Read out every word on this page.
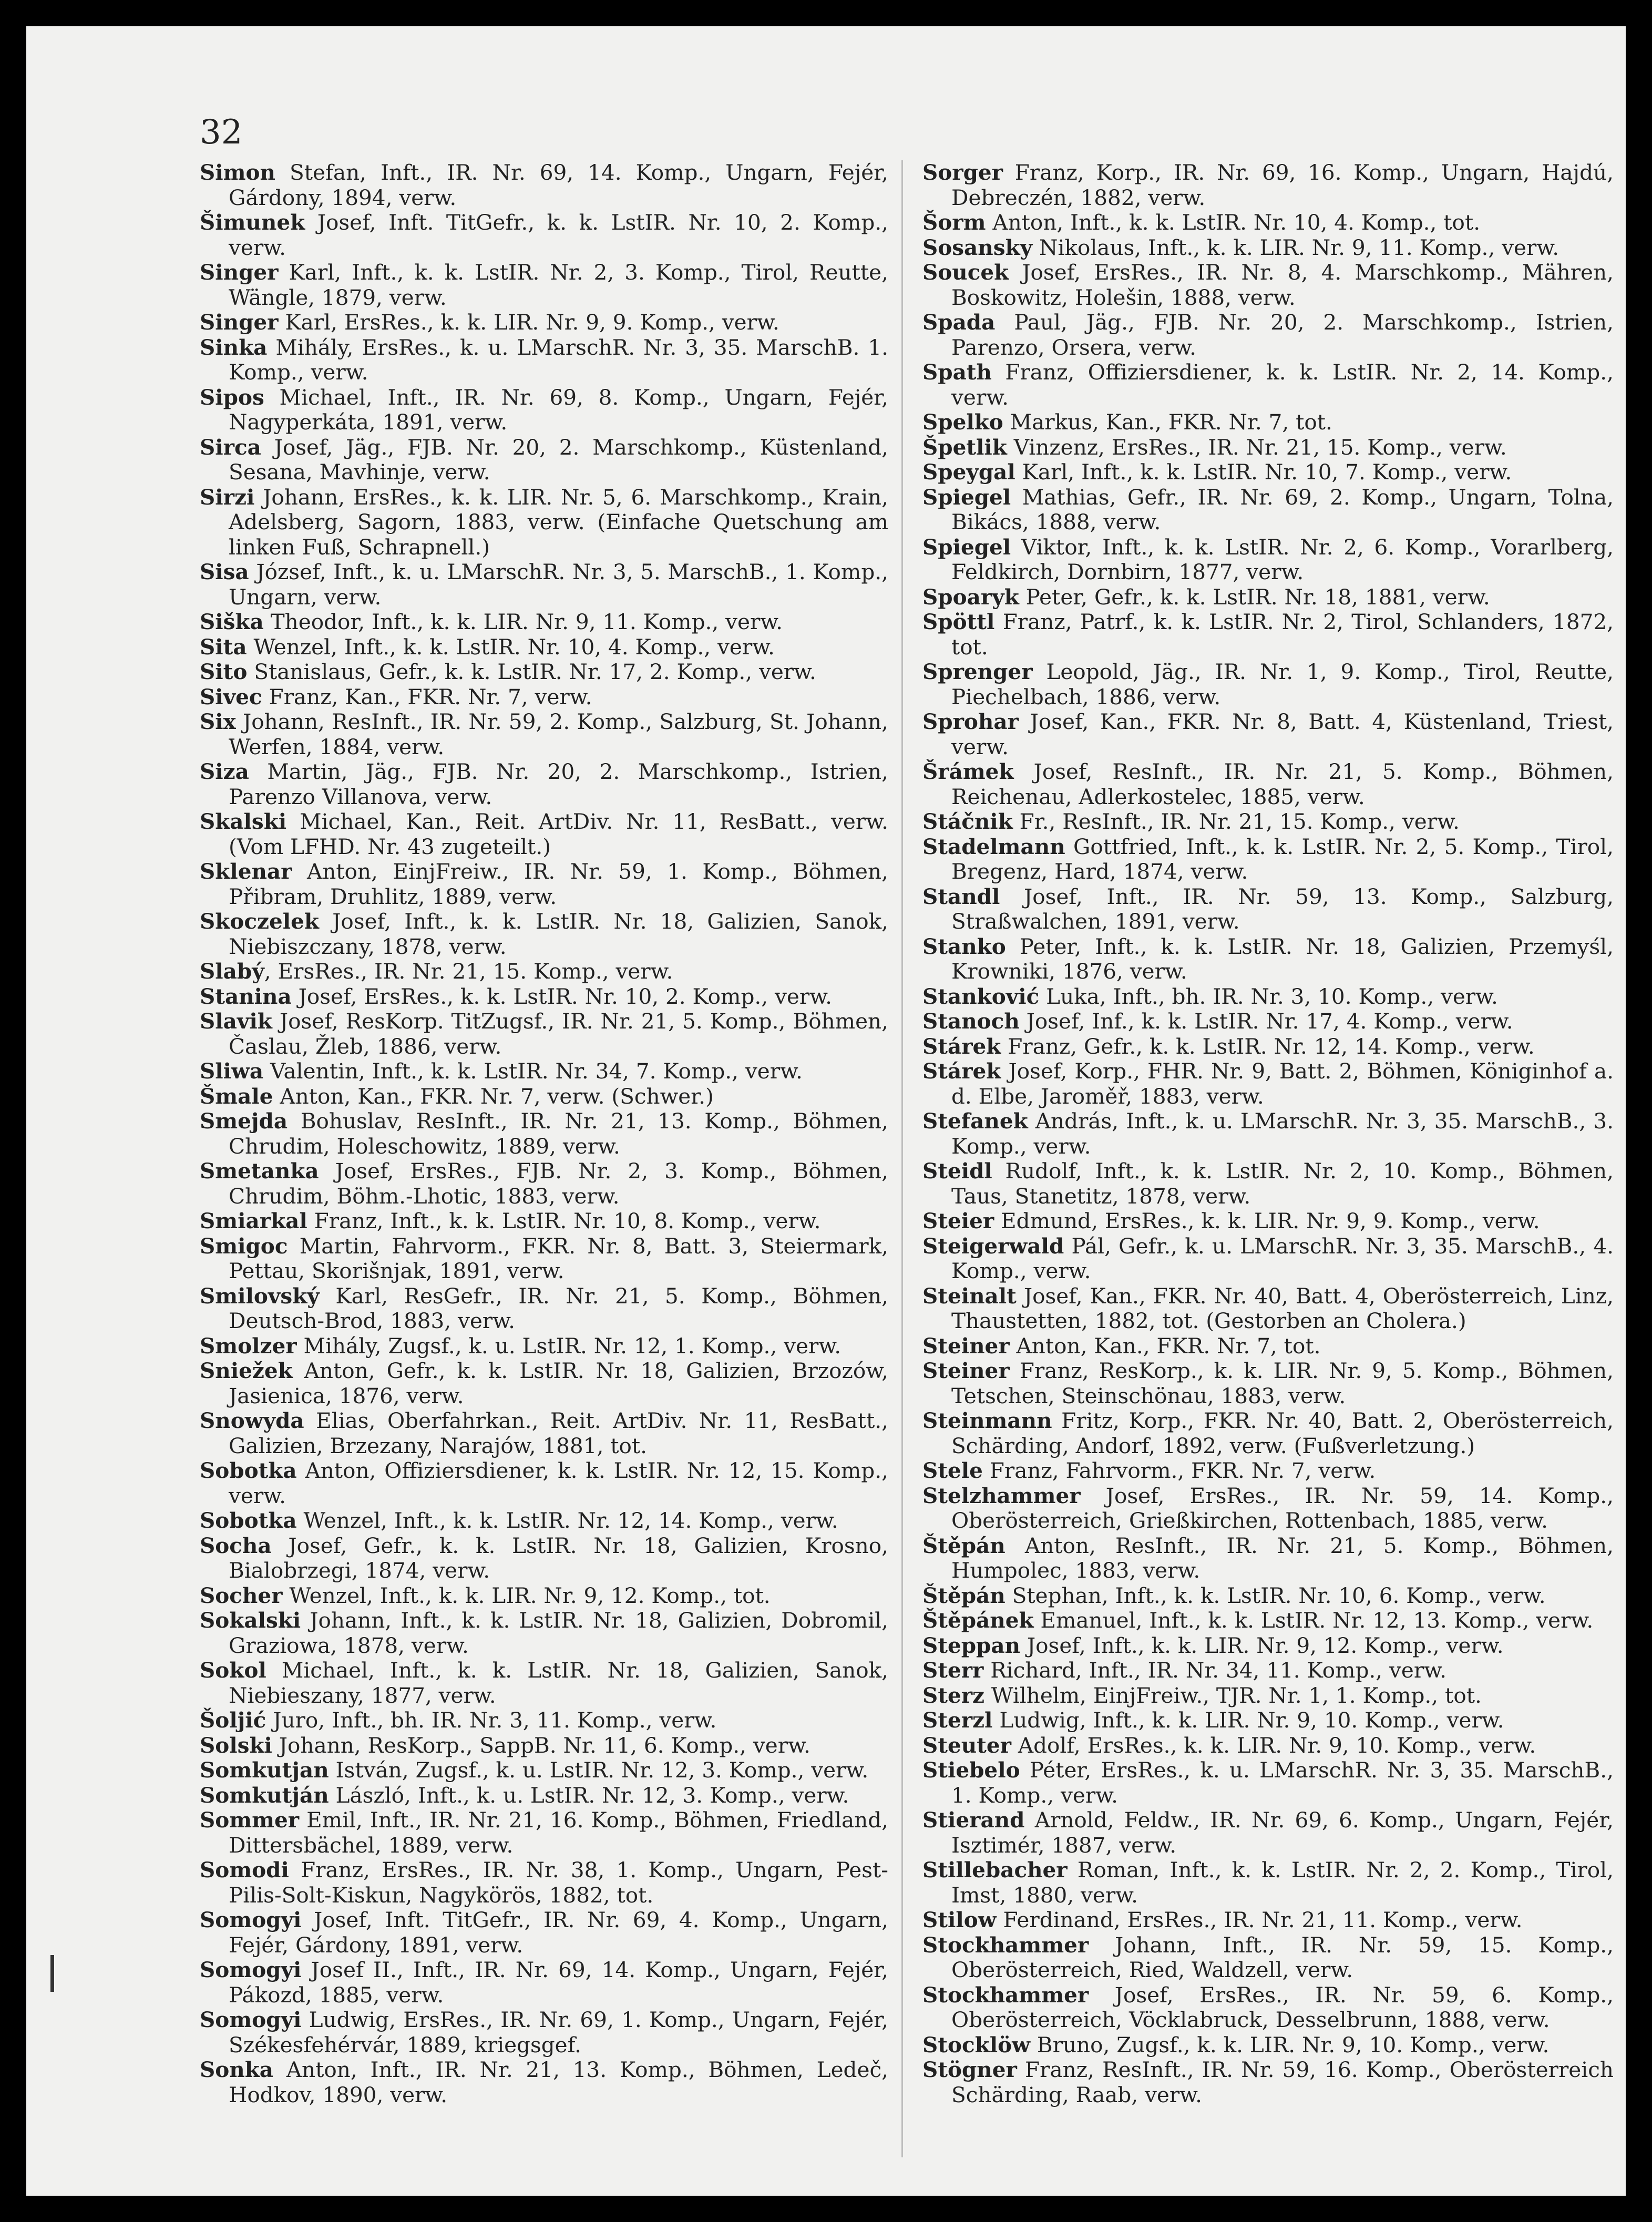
32
Simon Stefan, Inft., IR. Nr. 69, 14. Komp., Ungarn, Fejér, Gárdony, 1894, verw.
Šimunek Josef, Inft. TitGefr., k. k. LstIR. Nr. 10, 2. Komp., verw.
Singer Karl, Inft., k. k. LstIR. Nr. 2, 3. Komp., Tirol, Reutte, Wängle, 1879, verw.
Singer Karl, ErsRes., k. k. LIR. Nr. 9, 9. Komp., verw.
Sinka Mihály, ErsRes., k. u. LMarschR. Nr. 3, 35. MarschB. 1. Komp., verw.
Sipos Michael, Inft., IR. Nr. 69, 8. Komp., Ungarn, Fejér, Nagyperkáta, 1891, verw.
Sirca Josef, Jäg., FJB. Nr. 20, 2. Marschkomp., Küstenland, Sesana, Mavhinje, verw.
Sirzi Johann, ErsRes., k. k. LIR. Nr. 5, 6. Marschkomp., Krain, Adelsberg, Sagorn, 1883, verw. (Einfache Quetschung am linken Fuß, Schrapnell.)
Sisa József, Inft., k. u. LMarschR. Nr. 3, 5. MarschB., 1. Komp., Ungarn, verw.
Siška Theodor, Inft., k. k. LIR. Nr. 9, 11. Komp., verw.
Sita Wenzel, Inft., k. k. LstIR. Nr. 10, 4. Komp., verw.
Sito Stanislaus, Gefr., k. k. LstIR. Nr. 17, 2. Komp., verw.
Sivec Franz, Kan., FKR. Nr. 7, verw.
Six Johann, ResInft., IR. Nr. 59, 2. Komp., Salzburg, St. Johann, Werfen, 1884, verw.
Siza Martin, Jäg., FJB. Nr. 20, 2. Marschkomp., Istrien, Parenzo Villanova, verw.
Skalski Michael, Kan., Reit. ArtDiv. Nr. 11, ResBatt., verw. (Vom LFHD. Nr. 43 zugeteilt.)
Sklenar Anton, EinjFreiw., IR. Nr. 59, 1. Komp., Böhmen, Přibram, Druhlitz, 1889, verw.
Skoczelek Josef, Inft., k. k. LstIR. Nr. 18, Galizien, Sanok, Niebiszczany, 1878, verw.
Slabý, ErsRes., IR. Nr. 21, 15. Komp., verw.
Stanina Josef, ErsRes., k. k. LstIR. Nr. 10, 2. Komp., verw.
Slavik Josef, ResKorp. TitZugsf., IR. Nr. 21, 5. Komp., Böhmen, Časlau, Žleb, 1886, verw.
Sliwa Valentin, Inft., k. k. LstIR. Nr. 34, 7. Komp., verw.
Šmale Anton, Kan., FKR. Nr. 7, verw. (Schwer.)
Smejda Bohuslav, ResInft., IR. Nr. 21, 13. Komp., Böhmen, Chrudim, Holeschowitz, 1889, verw.
Smetanka Josef, ErsRes., FJB. Nr. 2, 3. Komp., Böhmen, Chrudim, Böhm.-Lhotic, 1883, verw.
Smiarkal Franz, Inft., k. k. LstIR. Nr. 10, 8. Komp., verw.
Smigoc Martin, Fahrvorm., FKR. Nr. 8, Batt. 3, Steiermark, Pettau, Skorišnjak, 1891, verw.
Smilovský Karl, ResGefr., IR. Nr. 21, 5. Komp., Böhmen, Deutsch-Brod, 1883, verw.
Smolzer Mihály, Zugsf., k. u. LstIR. Nr. 12, 1. Komp., verw.
Sniežek Anton, Gefr., k. k. LstIR. Nr. 18, Galizien, Brzozów, Jasienica, 1876, verw.
Snowyda Elias, Oberfahrkan., Reit. ArtDiv. Nr. 11, ResBatt., Galizien, Brzezany, Narajów, 1881, tot.
Sobotka Anton, Offiziersdiener, k. k. LstIR. Nr. 12, 15. Komp., verw.
Sobotka Wenzel, Inft., k. k. LstIR. Nr. 12, 14. Komp., verw.
Socha Josef, Gefr., k. k. LstIR. Nr. 18, Galizien, Krosno, Bialobrzegi, 1874, verw.
Socher Wenzel, Inft., k. k. LIR. Nr. 9, 12. Komp., tot.
Sokalski Johann, Inft., k. k. LstIR. Nr. 18, Galizien, Dobromil, Graziowa, 1878, verw.
Sokol Michael, Inft., k. k. LstIR. Nr. 18, Galizien, Sanok, Niebieszany, 1877, verw.
Šoljić Juro, Inft., bh. IR. Nr. 3, 11. Komp., verw.
Solski Johann, ResKorp., SappB. Nr. 11, 6. Komp., verw.
Somkutjan István, Zugsf., k. u. LstIR. Nr. 12, 3. Komp., verw.
Somkutján László, Inft., k. u. LstIR. Nr. 12, 3. Komp., verw.
Sommer Emil, Inft., IR. Nr. 21, 16. Komp., Böhmen, Friedland, Dittersbächel, 1889, verw.
Somodi Franz, ErsRes., IR. Nr. 38, 1. Komp., Ungarn, Pest-Pilis-Solt-Kiskun, Nagykörös, 1882, tot.
Somogyi Josef, Inft. TitGefr., IR. Nr. 69, 4. Komp., Ungarn, Fejér, Gárdony, 1891, verw.
Somogyi Josef II., Inft., IR. Nr. 69, 14. Komp., Ungarn, Fejér, Pákozd, 1885, verw.
Somogyi Ludwig, ErsRes., IR. Nr. 69, 1. Komp., Ungarn, Fejér, Székesfehérvár, 1889, kriegsgef.
Sonka Anton, Inft., IR. Nr. 21, 13. Komp., Böhmen, Ledeč, Hodkov, 1890, verw.
Sorger Franz, Korp., IR. Nr. 69, 16. Komp., Ungarn, Hajdú, Debreczén, 1882, verw.
Šorm Anton, Inft., k. k. LstIR. Nr. 10, 4. Komp., tot.
Sosansky Nikolaus, Inft., k. k. LIR. Nr. 9, 11. Komp., verw.
Soucek Josef, ErsRes., IR. Nr. 8, 4. Marschkomp., Mähren, Boskowitz, Holešin, 1888, verw.
Spada Paul, Jäg., FJB. Nr. 20, 2. Marschkomp., Istrien, Parenzo, Orsera, verw.
Spath Franz, Offiziersdiener, k. k. LstIR. Nr. 2, 14. Komp., verw.
Spelko Markus, Kan., FKR. Nr. 7, tot.
Špetlik Vinzenz, ErsRes., IR. Nr. 21, 15. Komp., verw.
Speygal Karl, Inft., k. k. LstIR. Nr. 10, 7. Komp., verw.
Spiegel Mathias, Gefr., IR. Nr. 69, 2. Komp., Ungarn, Tolna, Bikács, 1888, verw.
Spiegel Viktor, Inft., k. k. LstIR. Nr. 2, 6. Komp., Vorarlberg, Feldkirch, Dornbirn, 1877, verw.
Spoaryk Peter, Gefr., k. k. LstIR. Nr. 18, 1881, verw.
Spöttl Franz, Patrf., k. k. LstIR. Nr. 2, Tirol, Schlanders, 1872, tot.
Sprenger Leopold, Jäg., IR. Nr. 1, 9. Komp., Tirol, Reutte, Piechelbach, 1886, verw.
Sprohar Josef, Kan., FKR. Nr. 8, Batt. 4, Küstenland, Triest, verw.
Šrámek Josef, ResInft., IR. Nr. 21, 5. Komp., Böhmen, Reichenau, Adlerkostelec, 1885, verw.
Stáčnik Fr., ResInft., IR. Nr. 21, 15. Komp., verw.
Stadelmann Gottfried, Inft., k. k. LstIR. Nr. 2, 5. Komp., Tirol, Bregenz, Hard, 1874, verw.
Standl Josef, Inft., IR. Nr. 59, 13. Komp., Salzburg, Straßwalchen, 1891, verw.
Stanko Peter, Inft., k. k. LstIR. Nr. 18, Galizien, Przemyśl, Krowniki, 1876, verw.
Stanković Luka, Inft., bh. IR. Nr. 3, 10. Komp., verw.
Stanoch Josef, Inf., k. k. LstIR. Nr. 17, 4. Komp., verw.
Stárek Franz, Gefr., k. k. LstIR. Nr. 12, 14. Komp., verw.
Stárek Josef, Korp., FHR. Nr. 9, Batt. 2, Böhmen, Königinhof a. d. Elbe, Jaroměř, 1883, verw.
Stefanek András, Inft., k. u. LMarschR. Nr. 3, 35. MarschB., 3. Komp., verw.
Steidl Rudolf, Inft., k. k. LstIR. Nr. 2, 10. Komp., Böhmen, Taus, Stanetitz, 1878, verw.
Steier Edmund, ErsRes., k. k. LIR. Nr. 9, 9. Komp., verw.
Steigerwald Pál, Gefr., k. u. LMarschR. Nr. 3, 35. MarschB., 4. Komp., verw.
Steinalt Josef, Kan., FKR. Nr. 40, Batt. 4, Oberösterreich, Linz, Thaustetten, 1882, tot. (Gestorben an Cholera.)
Steiner Anton, Kan., FKR. Nr. 7, tot.
Steiner Franz, ResKorp., k. k. LIR. Nr. 9, 5. Komp., Böhmen, Tetschen, Steinschönau, 1883, verw.
Steinmann Fritz, Korp., FKR. Nr. 40, Batt. 2, Oberösterreich, Schärding, Andorf, 1892, verw. (Fußverletzung.)
Stele Franz, Fahrvorm., FKR. Nr. 7, verw.
Stelzhammer Josef, ErsRes., IR. Nr. 59, 14. Komp., Oberösterreich, Grießkirchen, Rottenbach, 1885, verw.
Štěpán Anton, ResInft., IR. Nr. 21, 5. Komp., Böhmen, Humpolec, 1883, verw.
Štěpán Stephan, Inft., k. k. LstIR. Nr. 10, 6. Komp., verw.
Štěpánek Emanuel, Inft., k. k. LstIR. Nr. 12, 13. Komp., verw.
Steppan Josef, Inft., k. k. LIR. Nr. 9, 12. Komp., verw.
Sterr Richard, Inft., IR. Nr. 34, 11. Komp., verw.
Sterz Wilhelm, EinjFreiw., TJR. Nr. 1, 1. Komp., tot.
Sterzl Ludwig, Inft., k. k. LIR. Nr. 9, 10. Komp., verw.
Steuter Adolf, ErsRes., k. k. LIR. Nr. 9, 10. Komp., verw.
Stiebelo Péter, ErsRes., k. u. LMarschR. Nr. 3, 35. MarschB., 1. Komp., verw.
Stierand Arnold, Feldw., IR. Nr. 69, 6. Komp., Ungarn, Fejér, Isztimér, 1887, verw.
Stillebacher Roman, Inft., k. k. LstIR. Nr. 2, 2. Komp., Tirol, Imst, 1880, verw.
Stilow Ferdinand, ErsRes., IR. Nr. 21, 11. Komp., verw.
Stockhammer Johann, Inft., IR. Nr. 59, 15. Komp., Oberösterreich, Ried, Waldzell, verw.
Stockhammer Josef, ErsRes., IR. Nr. 59, 6. Komp., Oberösterreich, Vöcklabruck, Desselbrunn, 1888, verw.
Stocklöw Bruno, Zugsf., k. k. LIR. Nr. 9, 10. Komp., verw.
Stögner Franz, ResInft., IR. Nr. 59, 16. Komp., Oberösterreich Schärding, Raab, verw.
